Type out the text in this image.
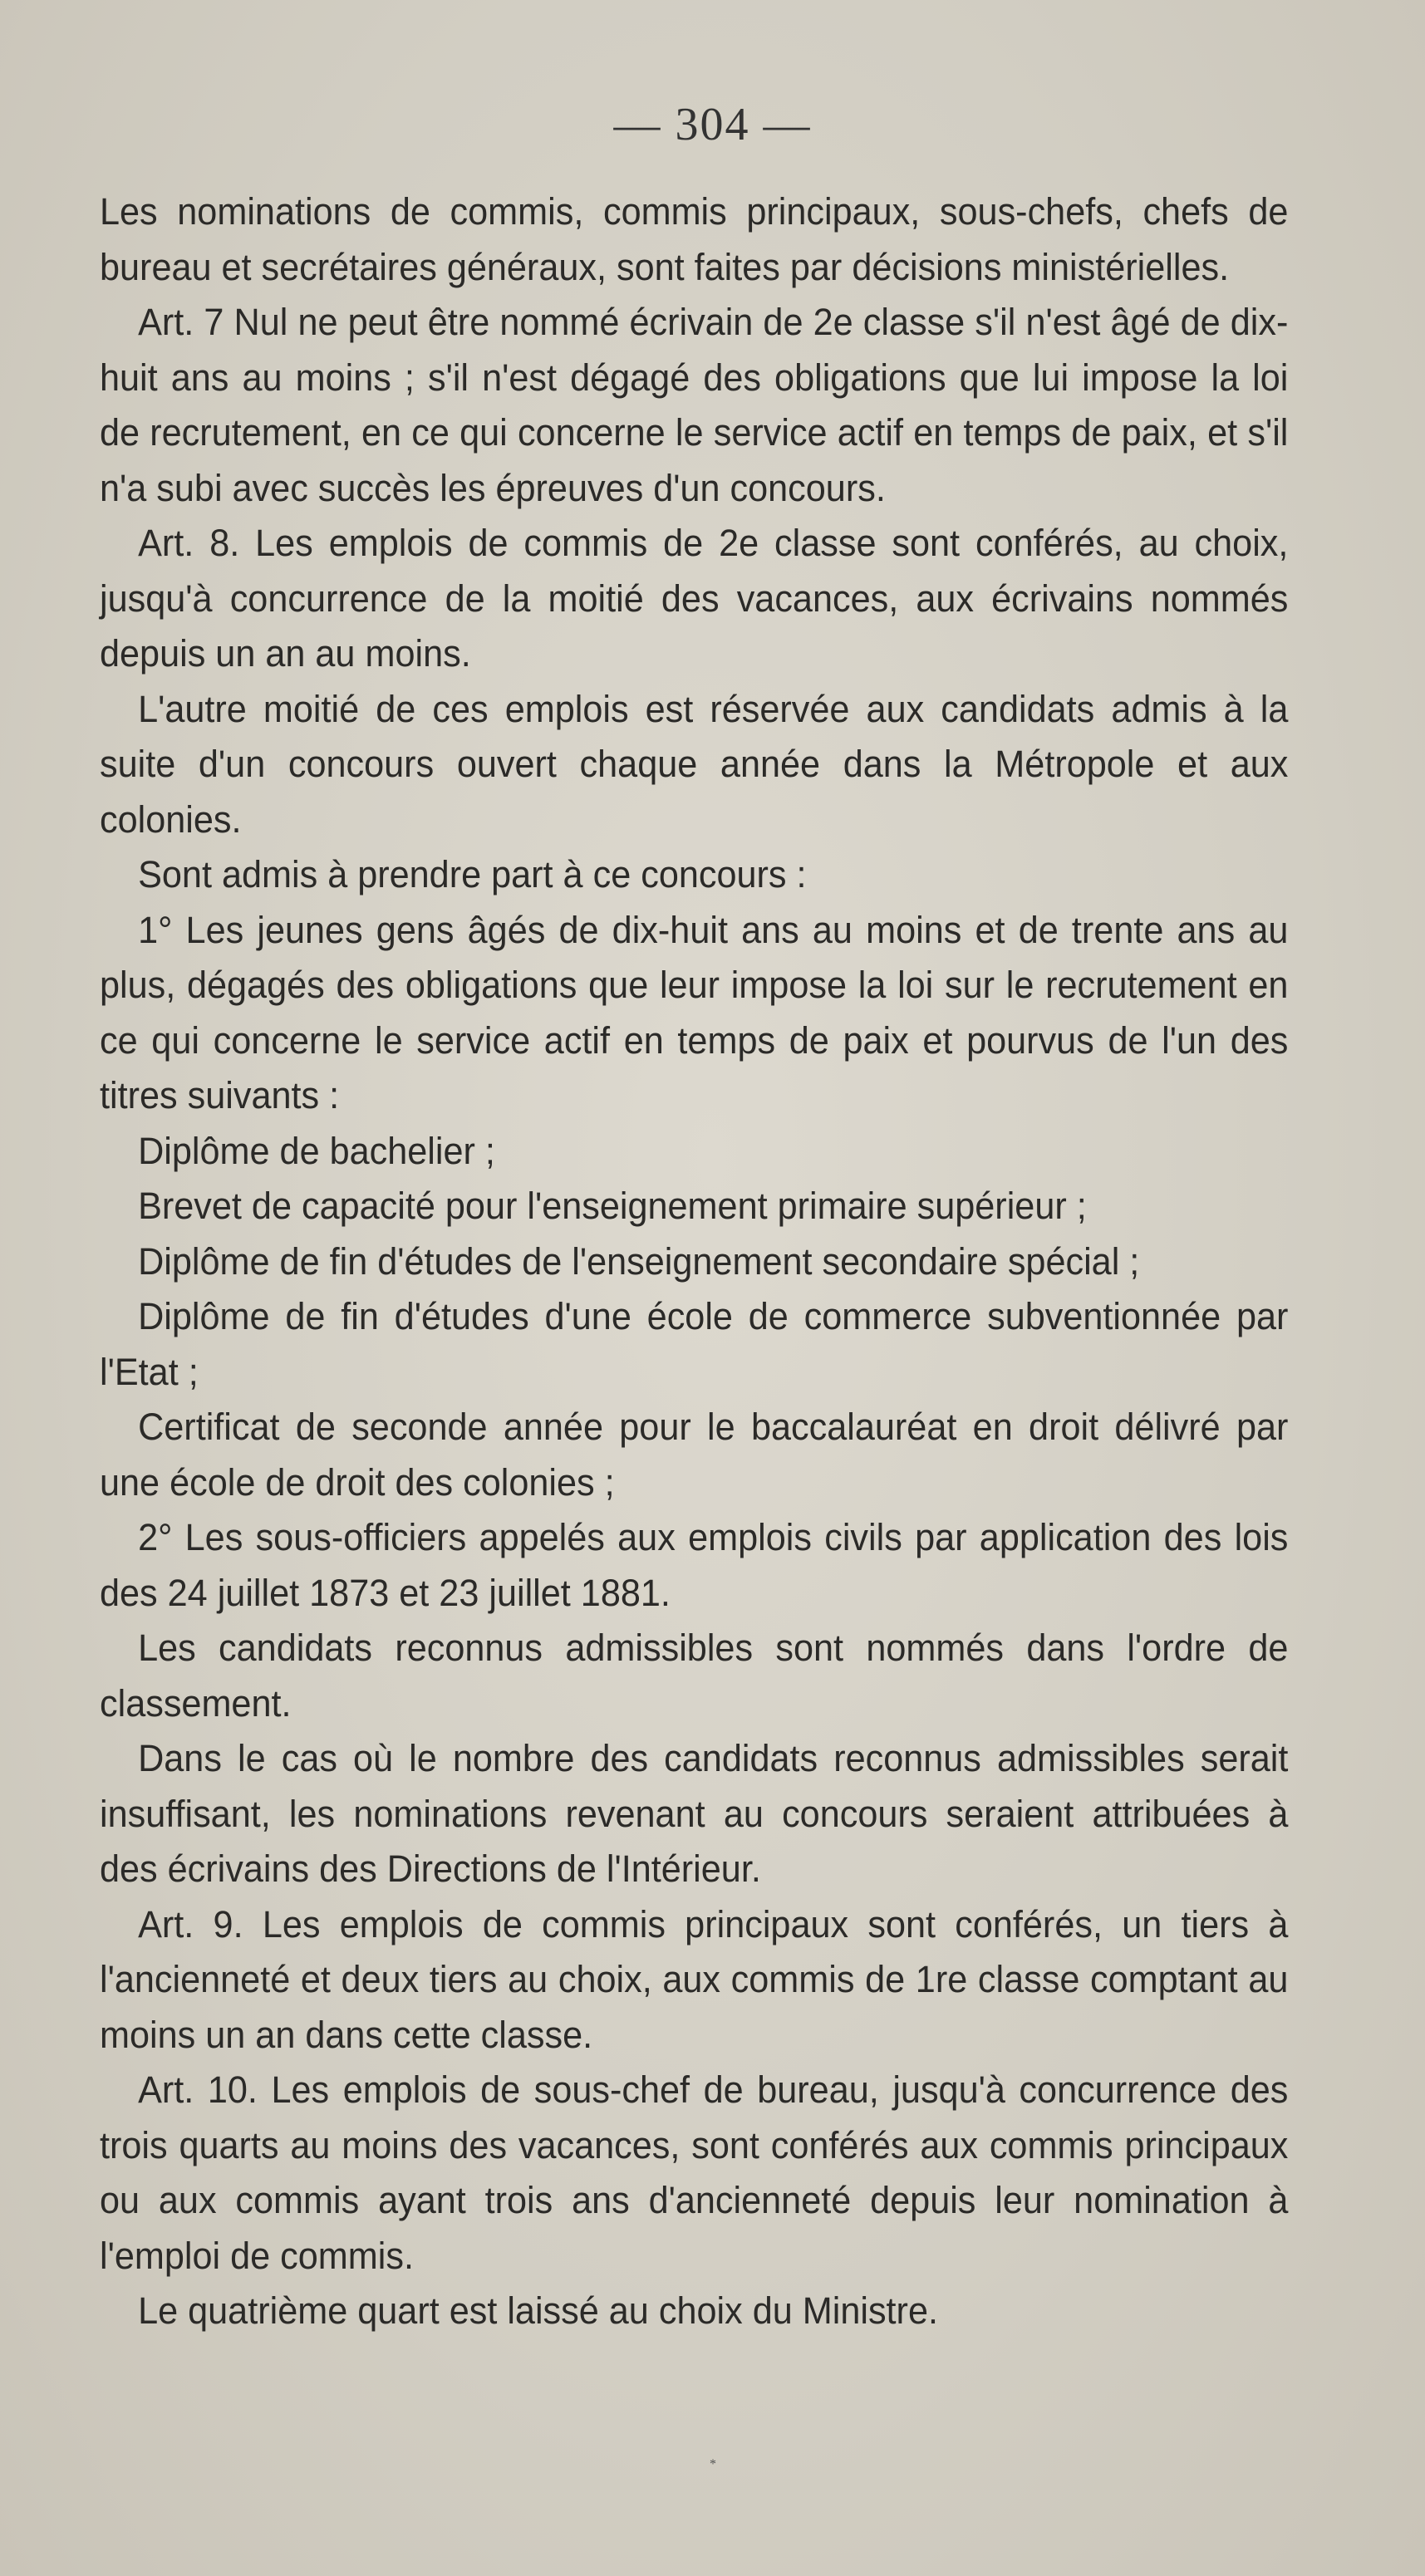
— 304 —

Les nominations de commis, commis principaux, sous-chefs, chefs de bureau et secrétaires généraux, sont faites par décisions ministérielles.

Art. 7 Nul ne peut être nommé écrivain de 2e classe s'il n'est âgé de dix-huit ans au moins ; s'il n'est dégagé des obligations que lui impose la loi de recrutement, en ce qui concerne le service actif en temps de paix, et s'il n'a subi avec succès les épreuves d'un concours.

Art. 8. Les emplois de commis de 2e classe sont conférés, au choix, jusqu'à concurrence de la moitié des vacances, aux écrivains nommés depuis un an au moins.

L'autre moitié de ces emplois est réservée aux candidats admis à la suite d'un concours ouvert chaque année dans la Métropole et aux colonies.

Sont admis à prendre part à ce concours :

1° Les jeunes gens âgés de dix-huit ans au moins et de trente ans au plus, dégagés des obligations que leur impose la loi sur le recrutement en ce qui concerne le service actif en temps de paix et pourvus de l'un des titres suivants :

Diplôme de bachelier ;

Brevet de capacité pour l'enseignement primaire supérieur ;

Diplôme de fin d'études de l'enseignement secondaire spécial ;

Diplôme de fin d'études d'une école de commerce subventionnée par l'Etat ;

Certificat de seconde année pour le baccalauréat en droit délivré par une école de droit des colonies ;

2° Les sous-officiers appelés aux emplois civils par application des lois des 24 juillet 1873 et 23 juillet 1881.

Les candidats reconnus admissibles sont nommés dans l'ordre de classement.

Dans le cas où le nombre des candidats reconnus admissibles serait insuffisant, les nominations revenant au concours seraient attribuées à des écrivains des Directions de l'Intérieur.

Art. 9. Les emplois de commis principaux sont conférés, un tiers à l'ancienneté et deux tiers au choix, aux commis de 1re classe comptant au moins un an dans cette classe.

Art. 10. Les emplois de sous-chef de bureau, jusqu'à concurrence des trois quarts au moins des vacances, sont conférés aux commis principaux ou aux commis ayant trois ans d'ancienneté depuis leur nomination à l'emploi de commis.

Le quatrième quart est laissé au choix du Ministre.

*
